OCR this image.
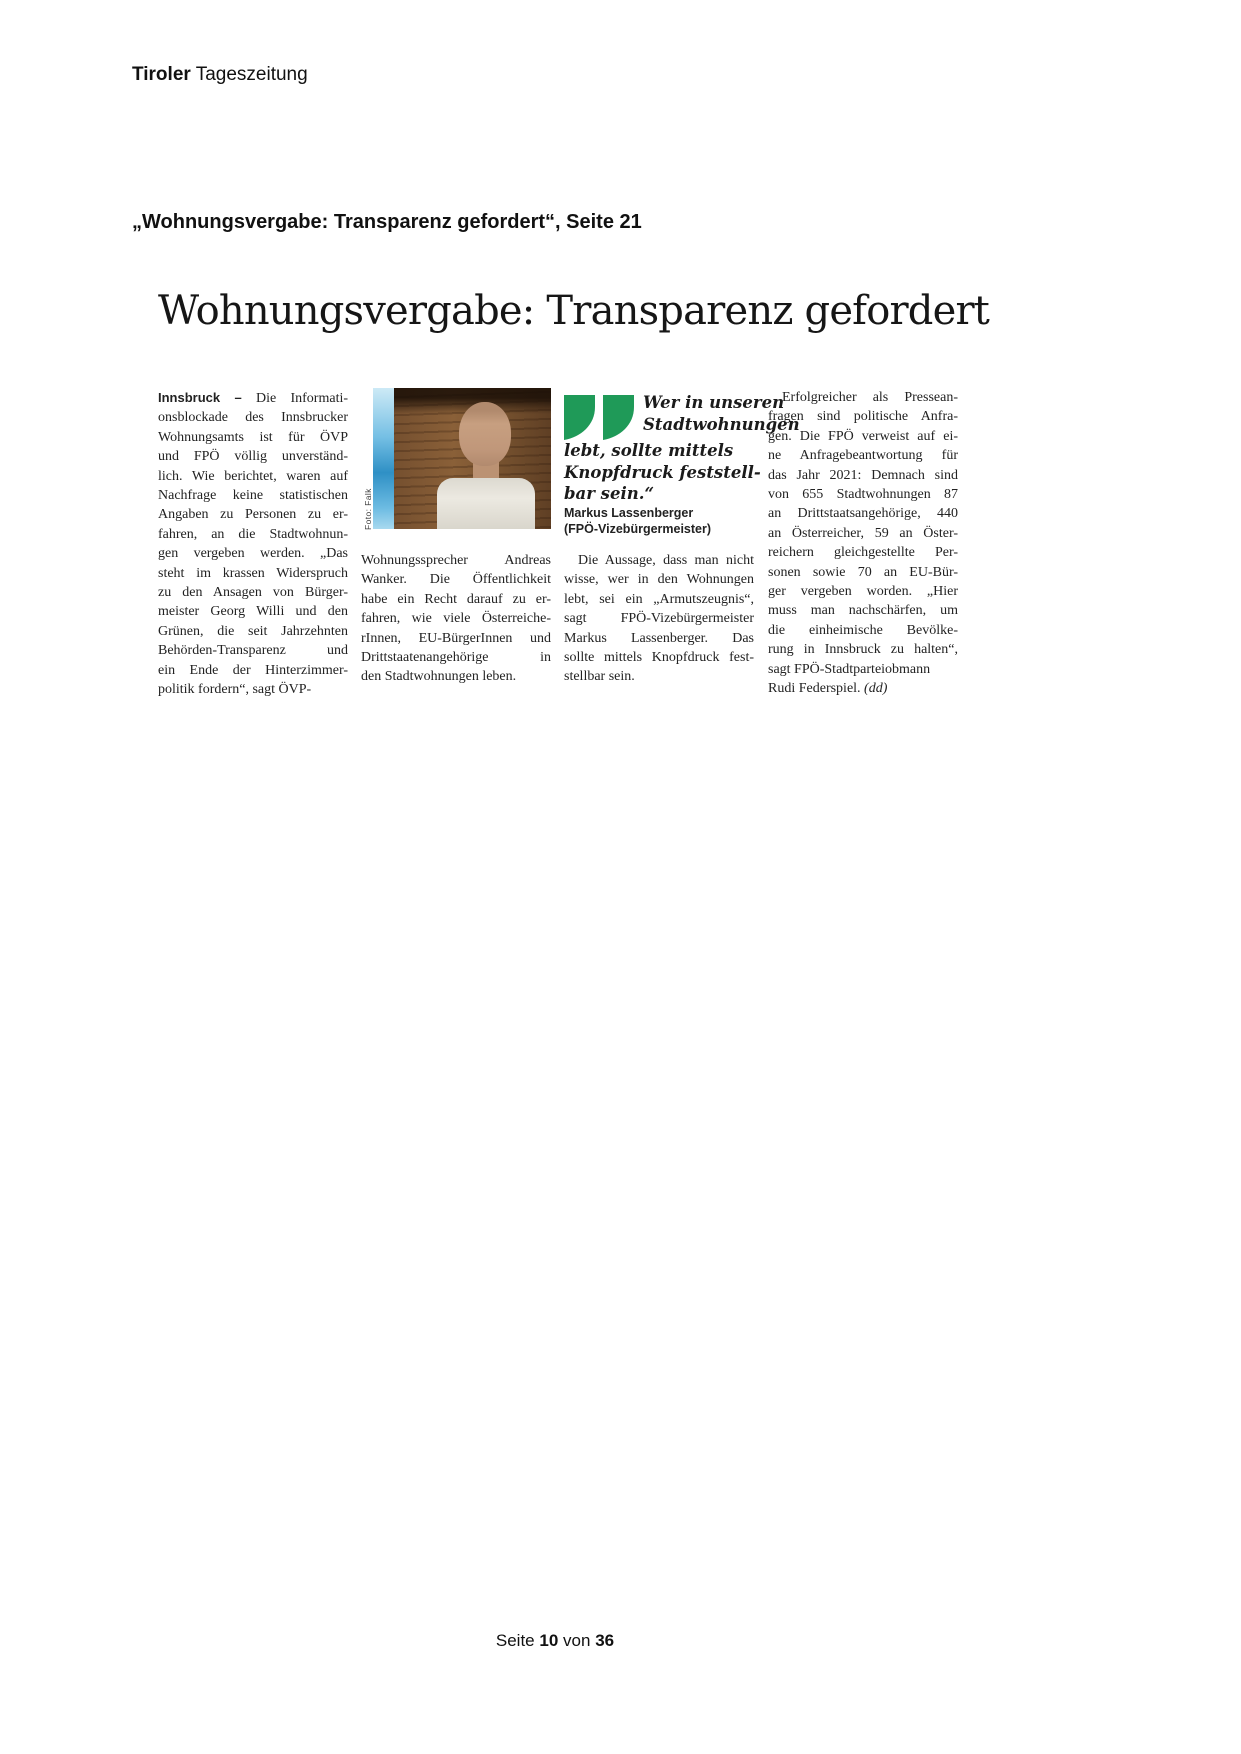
Tiroler Tageszeitung
„Wohnungsvergabe: Transparenz gefordert“, Seite 21
Wohnungsvergabe: Transparenz gefordert
Innsbruck – Die Informati-
onsblockade des Innsbrucker
Wohnungsamts ist für ÖVP
und FPÖ völlig unverständ-
lich. Wie berichtet, waren auf
Nachfrage keine statistischen
Angaben zu Personen zu er-
fahren, an die Stadtwohnun-
gen vergeben werden. „Das
steht im krassen Widerspruch
zu den Ansagen von Bürger-
meister Georg Willi und den
Grünen, die seit Jahrzehnten
Behörden-Transparenz und
ein Ende der Hinterzimmer-
politik fordern“, sagt ÖVP-
Foto: Falk
Wohnungssprecher Andreas
Wanker. Die Öffentlichkeit
habe ein Recht darauf zu er-
fahren, wie viele Österreiche-
rInnen, EU-BürgerInnen und
Drittstaatenangehörige in
den Stadtwohnungen leben.
Wer in unseren
Stadtwohnungen
lebt, sollte mittels
Knopfdruck feststell-
bar sein.“
Markus Lassenberger
(FPÖ-Vizebürgermeister)
Die Aussage, dass man nicht
wisse, wer in den Wohnungen
lebt, sei ein „Armutszeugnis“,
sagt FPÖ-Vizebürgermeister
Markus Lassenberger. Das
sollte mittels Knopfdruck fest-
stellbar sein.
Erfolgreicher als Pressean-
fragen sind politische Anfra-
gen. Die FPÖ verweist auf ei-
ne Anfragebeantwortung für
das Jahr 2021: Demnach sind
von 655 Stadtwohnungen 87
an Drittstaatsangehörige, 440
an Österreicher, 59 an Öster-
reichern gleichgestellte Per-
sonen sowie 70 an EU-Bür-
ger vergeben worden. „Hier
muss man nachschärfen, um
die einheimische Bevölke-
rung in Innsbruck zu halten“,
sagt FPÖ-Stadtparteiobmann
Rudi Federspiel. (dd)
Seite 10 von 36
